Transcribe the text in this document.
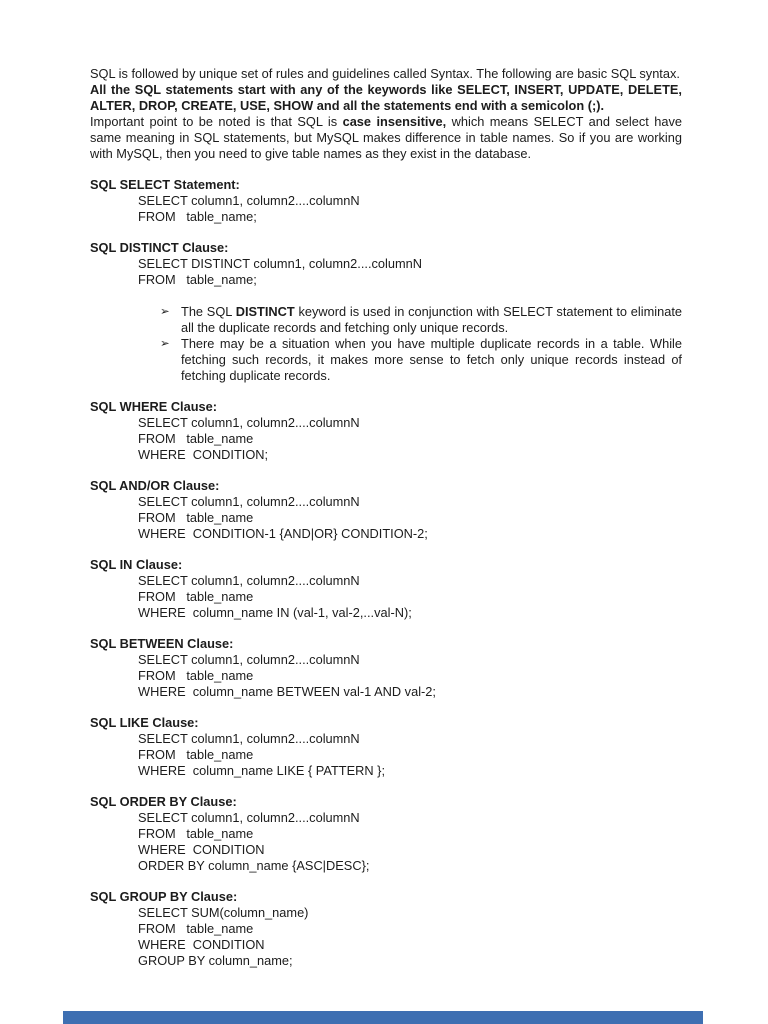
SQL is followed by unique set of rules and guidelines called Syntax. The following are basic SQL syntax.

All the SQL statements start with any of the keywords like SELECT, INSERT, UPDATE, DELETE, ALTER, DROP, CREATE, USE, SHOW and all the statements end with a semicolon (;).

Important point to be noted is that SQL is case insensitive, which means SELECT and select have same meaning in SQL statements, but MySQL makes difference in table names. So if you are working with MySQL, then you need to give table names as they exist in the database.

SQL SELECT Statement:
SELECT column1, column2....columnN
FROM   table_name;
SQL DISTINCT Clause:
SELECT DISTINCT column1, column2....columnN
FROM   table_name;
➢ The SQL DISTINCT keyword is used in conjunction with SELECT statement to eliminate all the duplicate records and fetching only unique records.
➢ There may be a situation when you have multiple duplicate records in a table. While fetching such records, it makes more sense to fetch only unique records instead of fetching duplicate records.
SQL WHERE Clause:
SELECT column1, column2....columnN
FROM   table_name
WHERE  CONDITION;
SQL AND/OR Clause:
SELECT column1, column2....columnN
FROM   table_name
WHERE  CONDITION-1 {AND|OR} CONDITION-2;
SQL IN Clause:
SELECT column1, column2....columnN
FROM   table_name
WHERE  column_name IN (val-1, val-2,...val-N);
SQL BETWEEN Clause:
SELECT column1, column2....columnN
FROM   table_name
WHERE  column_name BETWEEN val-1 AND val-2;
SQL LIKE Clause:
SELECT column1, column2....columnN
FROM   table_name
WHERE  column_name LIKE { PATTERN };
SQL ORDER BY Clause:
SELECT column1, column2....columnN
FROM   table_name
WHERE  CONDITION
ORDER BY column_name {ASC|DESC};
SQL GROUP BY Clause:
SELECT SUM(column_name)
FROM   table_name
WHERE  CONDITION
GROUP BY column_name;
